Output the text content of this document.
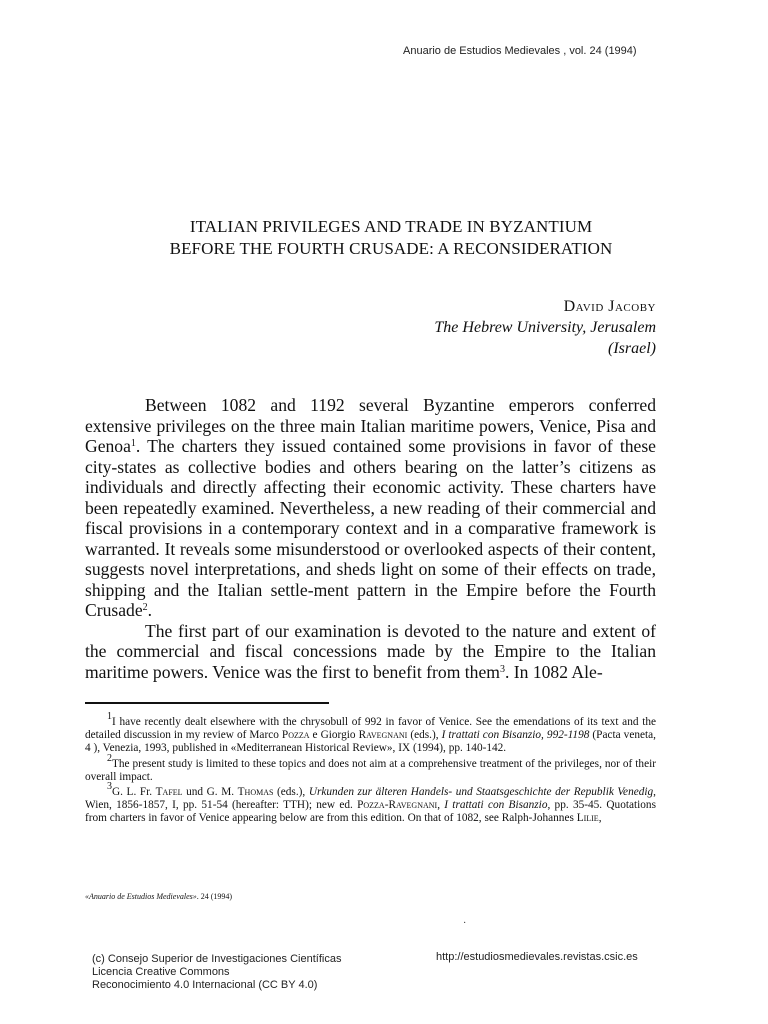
Anuario de Estudios Medievales , vol. 24 (1994)
ITALIAN PRIVILEGES AND TRADE IN BYZANTIUM
BEFORE THE FOURTH CRUSADE: A RECONSIDERATION
David Jacoby
The Hebrew University, Jerusalem
(Israel)

Between 1082 and 1192 several Byzantine emperors conferred extensive privileges on the three main Italian maritime powers, Venice, Pisa and Genoa$^1$. The charters they issued contained some provisions in favor of these city-states as collective bodies and others bearing on the latter’s citizens as individuals and directly affecting their economic activity. These charters have been repeatedly examined. Nevertheless, a new reading of their commercial and fiscal provisions in a contemporary context and in a comparative framework is warranted. It reveals some misunderstood or overlooked aspects of their content, suggests novel interpretations, and sheds light on some of their effects on trade, shipping and the Italian settle-ment pattern in the Empire before the Fourth Crusade$^2$.

The first part of our examination is devoted to the nature and extent of the commercial and fiscal concessions made by the Empire to the Italian maritime powers. Venice was the first to benefit from them$^3$. In 1082 Ale-

$^1$I have recently dealt elsewhere with the chrysobull of 992 in favor of Venice. See the emendations of its text and the detailed discussion in my review of Marco Pozza e Giorgio Ravegnani (eds.), I trattati con Bisanzio, 992-1198 (Pacta veneta, 4 ), Venezia, 1993, published in «Mediterranean Historical Review», IX (1994), pp. 140-142.

$^2$The present study is limited to these topics and does not aim at a comprehensive treatment of the privileges, nor of their overall impact.

$^3$G. L. Fr. Tafel und G. M. Thomas (eds.), Urkunden zur älteren Handels- und Staatsgeschichte der Republik Venedig, Wien, 1856-1857, I, pp. 51-54 (hereafter: TTH); new ed. Pozza-Ravegnani, I trattati con Bisanzio, pp. 35-45. Quotations from charters in favor of Venice appearing below are from this edition. On that of 1082, see Ralph-Johannes Lilie,

«Anuario de Estudios Medievales». 24 (1994)
·
(c) Consejo Superior de Investigaciones Científicas
Licencia Creative Commons
Reconocimiento 4.0 Internacional (CC BY 4.0)
http://estudiosmedievales.revistas.csic.es
